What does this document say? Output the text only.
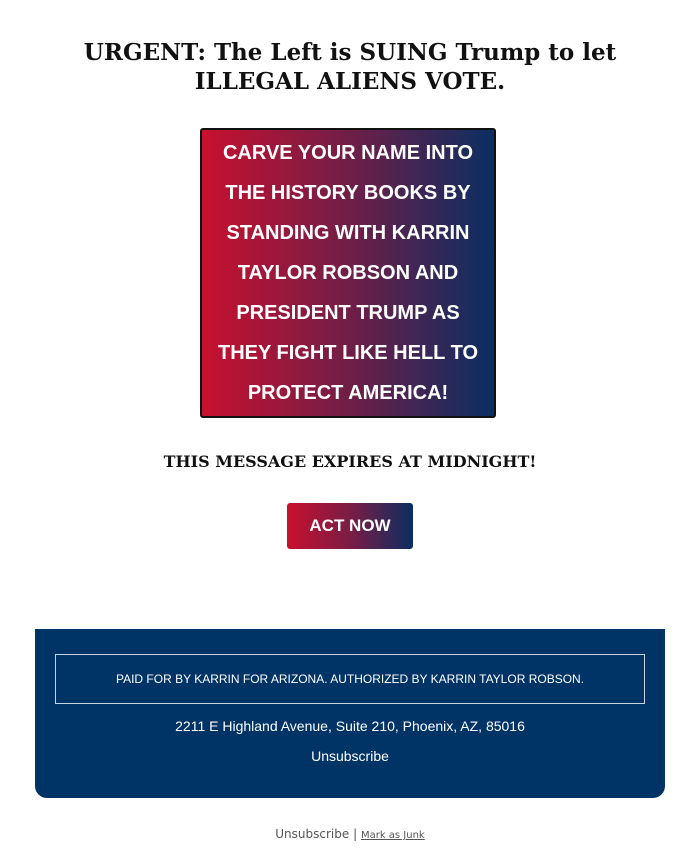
URGENT: The Left is SUING Trump to let ILLEGAL ALIENS VOTE.

CARVE YOUR NAME INTO THE HISTORY BOOKS BY STANDING WITH KARRIN TAYLOR ROBSON AND PRESIDENT TRUMP AS THEY FIGHT LIKE HELL TO PROTECT AMERICA!

THIS MESSAGE EXPIRES AT MIDNIGHT!

ACT NOW

PAID FOR BY KARRIN FOR ARIZONA. AUTHORIZED BY KARRIN TAYLOR ROBSON.

2211 E Highland Avenue, Suite 210, Phoenix, AZ, 85016

Unsubscribe

Unsubscribe | Mark as Junk
